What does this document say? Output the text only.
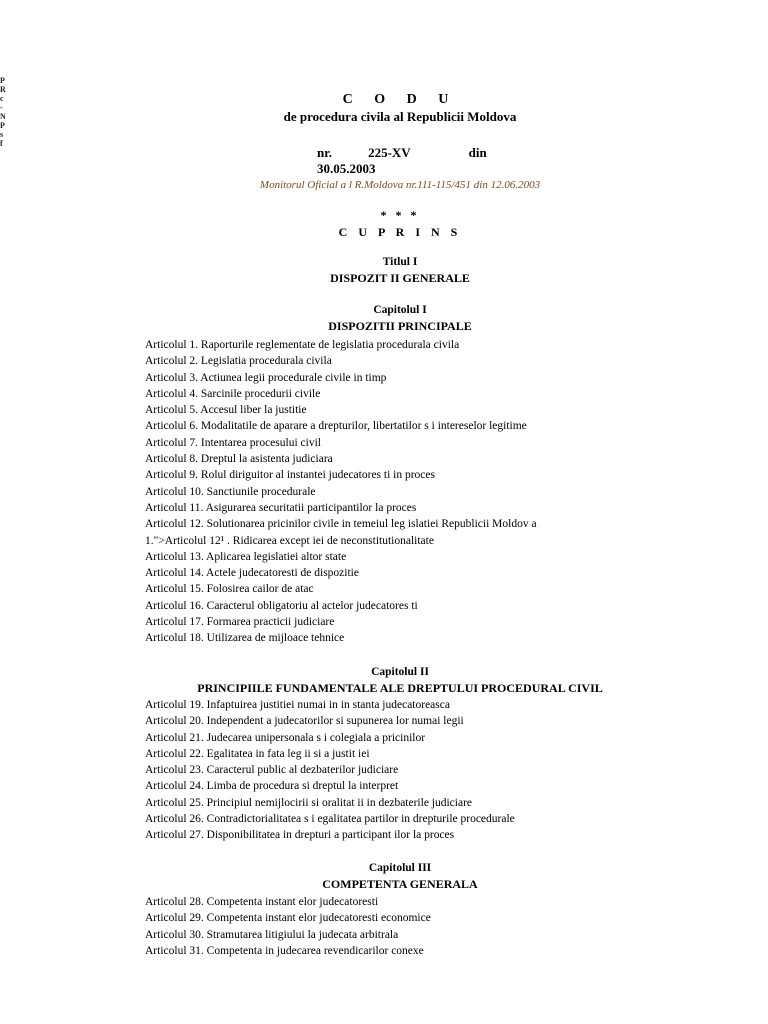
P
R
c
-
N
P
s
f
C O D U
de procedura civila al Republicii Moldova
nr.	225-XV	din
30.05.2003
Monitorul Oficial a l R.Moldova nr.111-115/451 din 12.06.2003
* * *
C U P R I N S
Titlul I
DISPOZIT II GENERALE
Capitolul I
DISPOZITII PRINCIPALE
Articolul 1. Raporturile reglementate de legislatia procedurala civila
Articolul 2. Legislatia procedurala civila
Articolul 3. Actiunea legii procedurale civile in timp
Articolul 4. Sarcinile procedurii civile
Articolul 5. Accesul liber la justitie
Articolul 6. Modalitatile de aparare a drepturilor, libertatilor s i intereselor legitime
Articolul 7. Intentarea procesului civil
Articolul 8. Dreptul la asistenta judiciara
Articolul 9. Rolul diriguitor al instantei judecatores ti in proces
Articolul 10. Sanctiunile procedurale
Articolul 11. Asigurarea securitatii participantilor la proces
Articolul 12. Solutionarea pricinilor civile in temeiul leg islatiei Republicii Moldov a
1.">Articolul 12¹ . Ridicarea except iei de neconstitutionalitate
Articolul 13. Aplicarea legislatiei altor state
Articolul 14. Actele judecatoresti de dispozitie
Articolul 15. Folosirea cailor de atac
Articolul 16. Caracterul obligatoriu al actelor judecatores ti
Articolul 17. Formarea practicii judiciare
Articolul 18. Utilizarea de mijloace tehnice
Capitolul II
PRINCIPIILE FUNDAMENTALE ALE DREPTULUI PROCEDURAL CIVIL
Articolul 19. Infaptuirea justitiei numai in in stanta judecatoreasca
Articolul 20. Independent a judecatorilor si supunerea lor numai legii
Articolul 21. Judecarea unipersonala s i colegiala a pricinilor
Articolul 22. Egalitatea in fata leg ii si a justit iei
Articolul 23. Caracterul public al dezbaterilor judiciare
Articolul 24. Limba de procedura si dreptul la interpret
Articolul 25. Principiul nemijlocirii si oralitat ii in dezbaterile judiciare
Articolul 26. Contradictorialitatea s i egalitatea partilor in drepturile procedurale
Articolul 27. Disponibilitatea in drepturi a participant ilor la proces
Capitolul III
COMPETENTA GENERALA
Articolul 28. Competenta instant elor judecatoresti
Articolul 29. Competenta instant elor judecatoresti economice
Articolul 30. Stramutarea litigiului la judecata arbitrala
Articolul 31. Competenta in judecarea revendicarilor conexe
